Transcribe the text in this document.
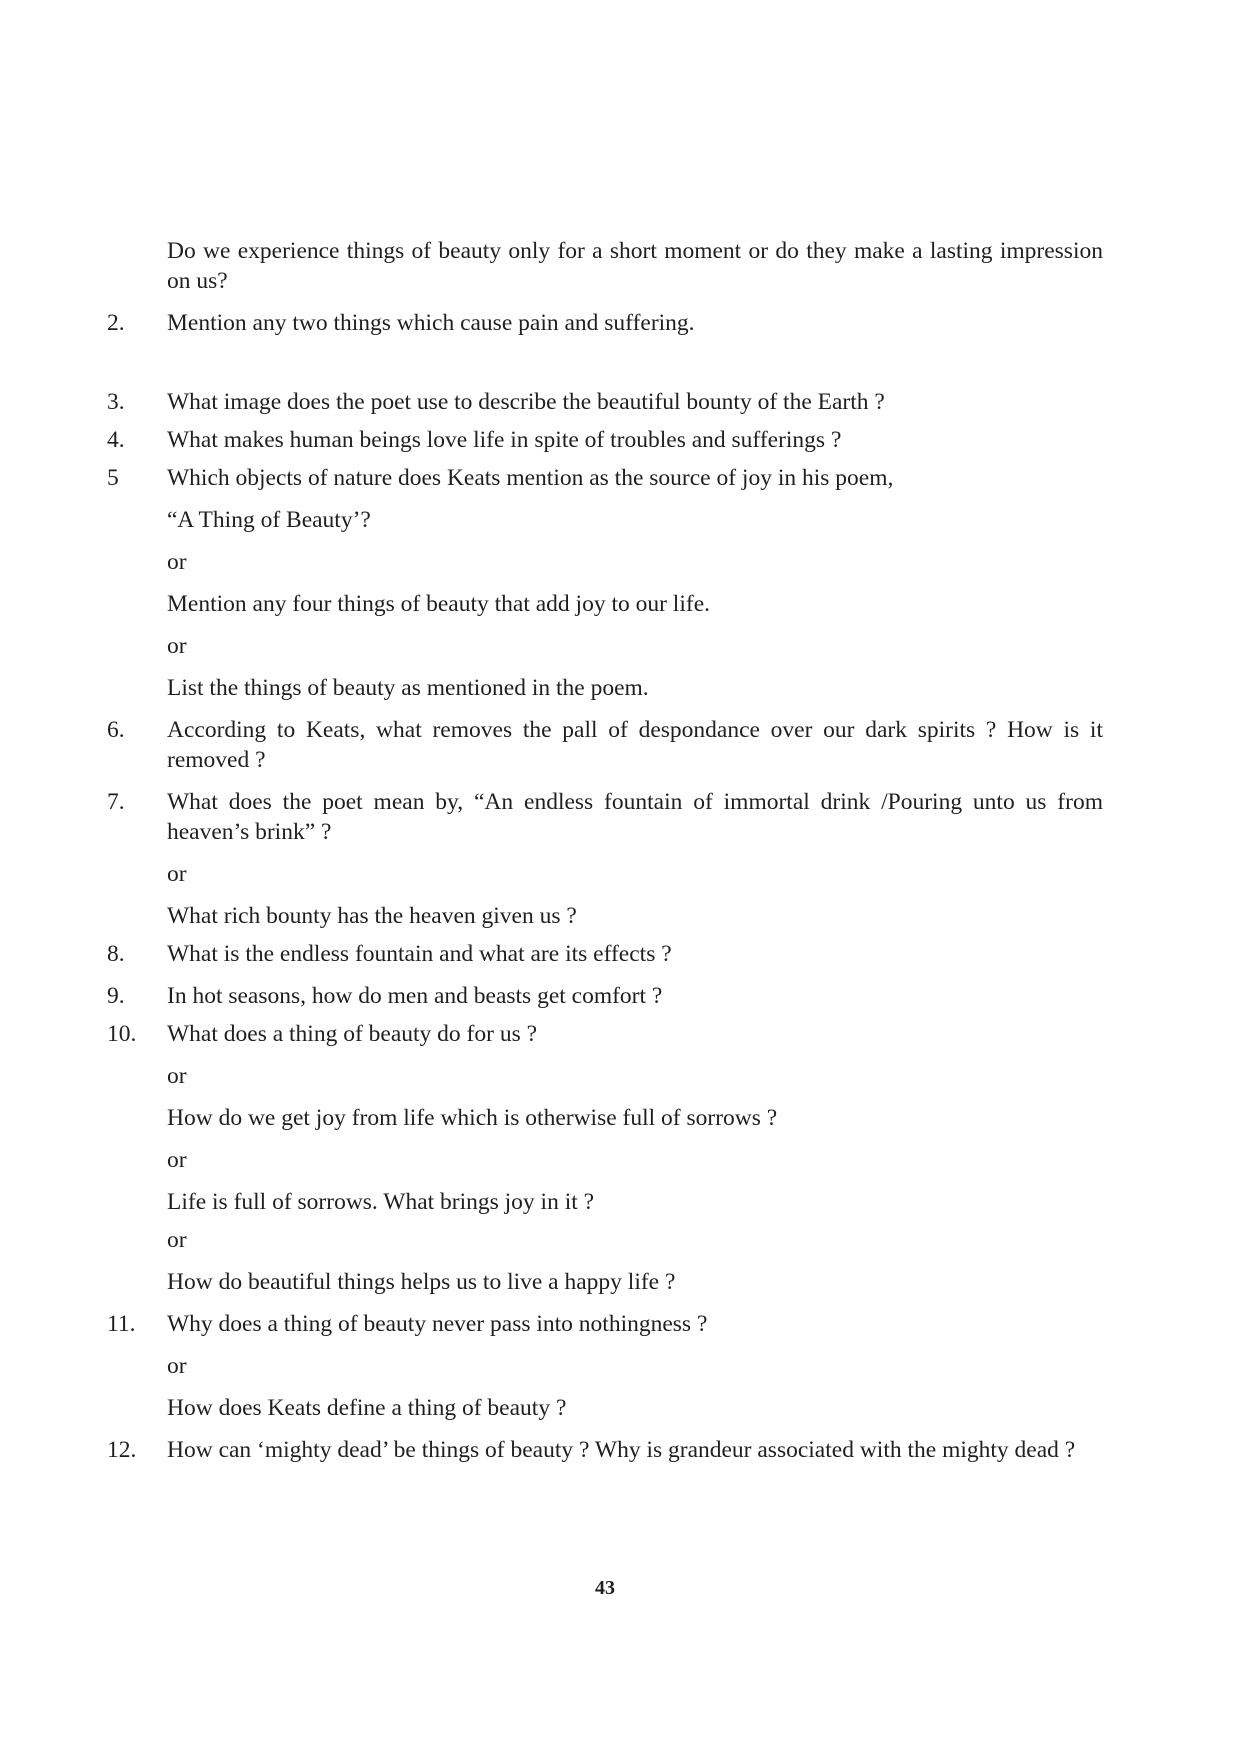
Do we experience things of beauty only for a short moment or do they make a lasting impression on us?

2.	Mention any two things which cause pain and suffering.

3.	What image does the poet use to describe the beautiful bounty of the Earth ?

4.	What makes human beings love life in spite of troubles and sufferings ?

5	Which objects of nature does Keats mention as the source of joy in his poem,

“A Thing of Beauty’?

or

Mention any four things of beauty that add joy to our life.

or

List the things of beauty as mentioned in the poem.

6.	According to Keats, what removes the pall of despondance over our dark spirits ? How is it removed ?

7.	What does the poet mean by, “An endless fountain of immortal drink /Pouring unto us from heaven’s brink” ?

or

What rich bounty has the heaven given us ?

8.	What is the endless fountain and what are its effects ?

9.	In hot seasons, how do men and beasts get comfort ?

10.	What does a thing of beauty do for us ?

or

How do we get joy from life which is otherwise full of sorrows ?

or

Life is full of sorrows. What brings joy in it ?

or

How do beautiful things helps us to live a happy life ?

11.	Why does a thing of beauty never pass into nothingness ?

or

How does Keats define a thing of beauty ?

12.	How can ‘mighty dead’ be things of beauty ? Why is grandeur associated with the mighty dead ?

43
